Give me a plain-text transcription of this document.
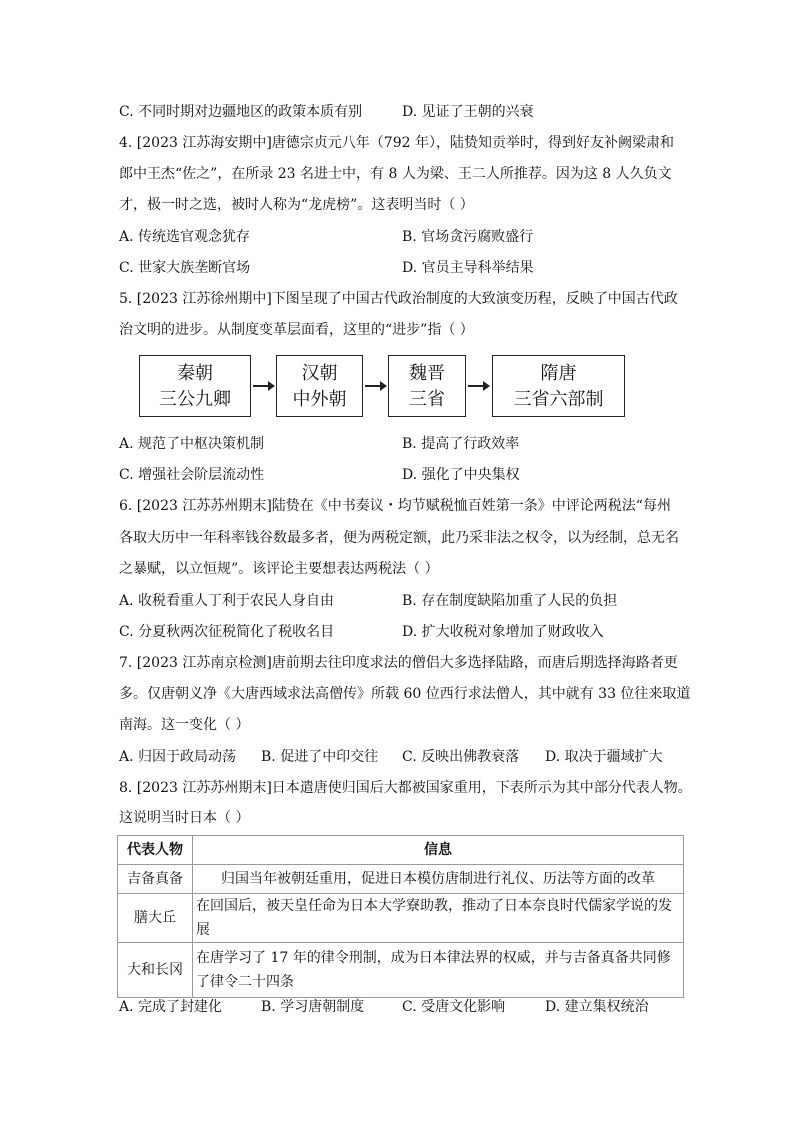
C. 不同时期对边疆地区的政策本质有别	D. 见证了王朝的兴衰
4. [2023 江苏海安期中]唐德宗贞元八年（792 年），陆贽知贡举时，得到好友补阙梁肃和
郎中王杰“佐之”，在所录 23 名进士中，有 8 人为梁、王二人所推荐。因为这 8 人久负文
才，极一时之选，被时人称为“龙虎榜”。这表明当时（ ）
A. 传统选官观念犹存	B. 官场贪污腐败盛行
C. 世家大族垄断官场	D. 官员主导科举结果
5. [2023 江苏徐州期中]下图呈现了中国古代政治制度的大致演变历程，反映了中国古代政
治文明的进步。从制度变革层面看，这里的“进步”指（ ）
秦朝
三公九卿
汉朝
中外朝
魏晋
三省
隋唐
三省六部制
A. 规范了中枢决策机制	B. 提高了行政效率
C. 增强社会阶层流动性	D. 强化了中央集权
6. [2023 江苏苏州期末]陆贽在《中书奏议・均节赋税恤百姓第一条》中评论两税法“每州
各取大历中一年科率钱谷数最多者，便为两税定额，此乃采非法之权令，以为经制，总无名
之暴赋，以立恒规”。该评论主要想表达两税法（ ）
A. 收税看重人丁利于农民人身自由	B. 存在制度缺陷加重了人民的负担
C. 分夏秋两次征税简化了税收名目	D. 扩大收税对象增加了财政收入
7. [2023 江苏南京检测]唐前期去往印度求法的僧侣大多选择陆路，而唐后期选择海路者更
多。仅唐朝义净《大唐西域求法高僧传》所载 60 位西行求法僧人，其中就有 33 位往来取道
南海。这一变化（ ）
A. 归因于政局动荡 B. 促进了中印交往 C. 反映出佛教衰落 D. 取决于疆域扩大
8. [2023 江苏苏州期末]日本遣唐使归国后大都被国家重用，下表所示为其中部分代表人物。
这说明当时日本（ ）
代表人物	信息
吉备真备	归国当年被朝廷重用，促进日本模仿唐制进行礼仪、历法等方面的改革
膳大丘	在回国后，被天皇任命为日本大学寮助教，推动了日本奈良时代儒家学说的发展
大和长冈	在唐学习了 17 年的律令刑制，成为日本律法界的权威，并与吉备真备共同修了律令二十四条
A. 完成了封建化	B. 学习唐朝制度	C. 受唐文化影响	D. 建立集权统治
